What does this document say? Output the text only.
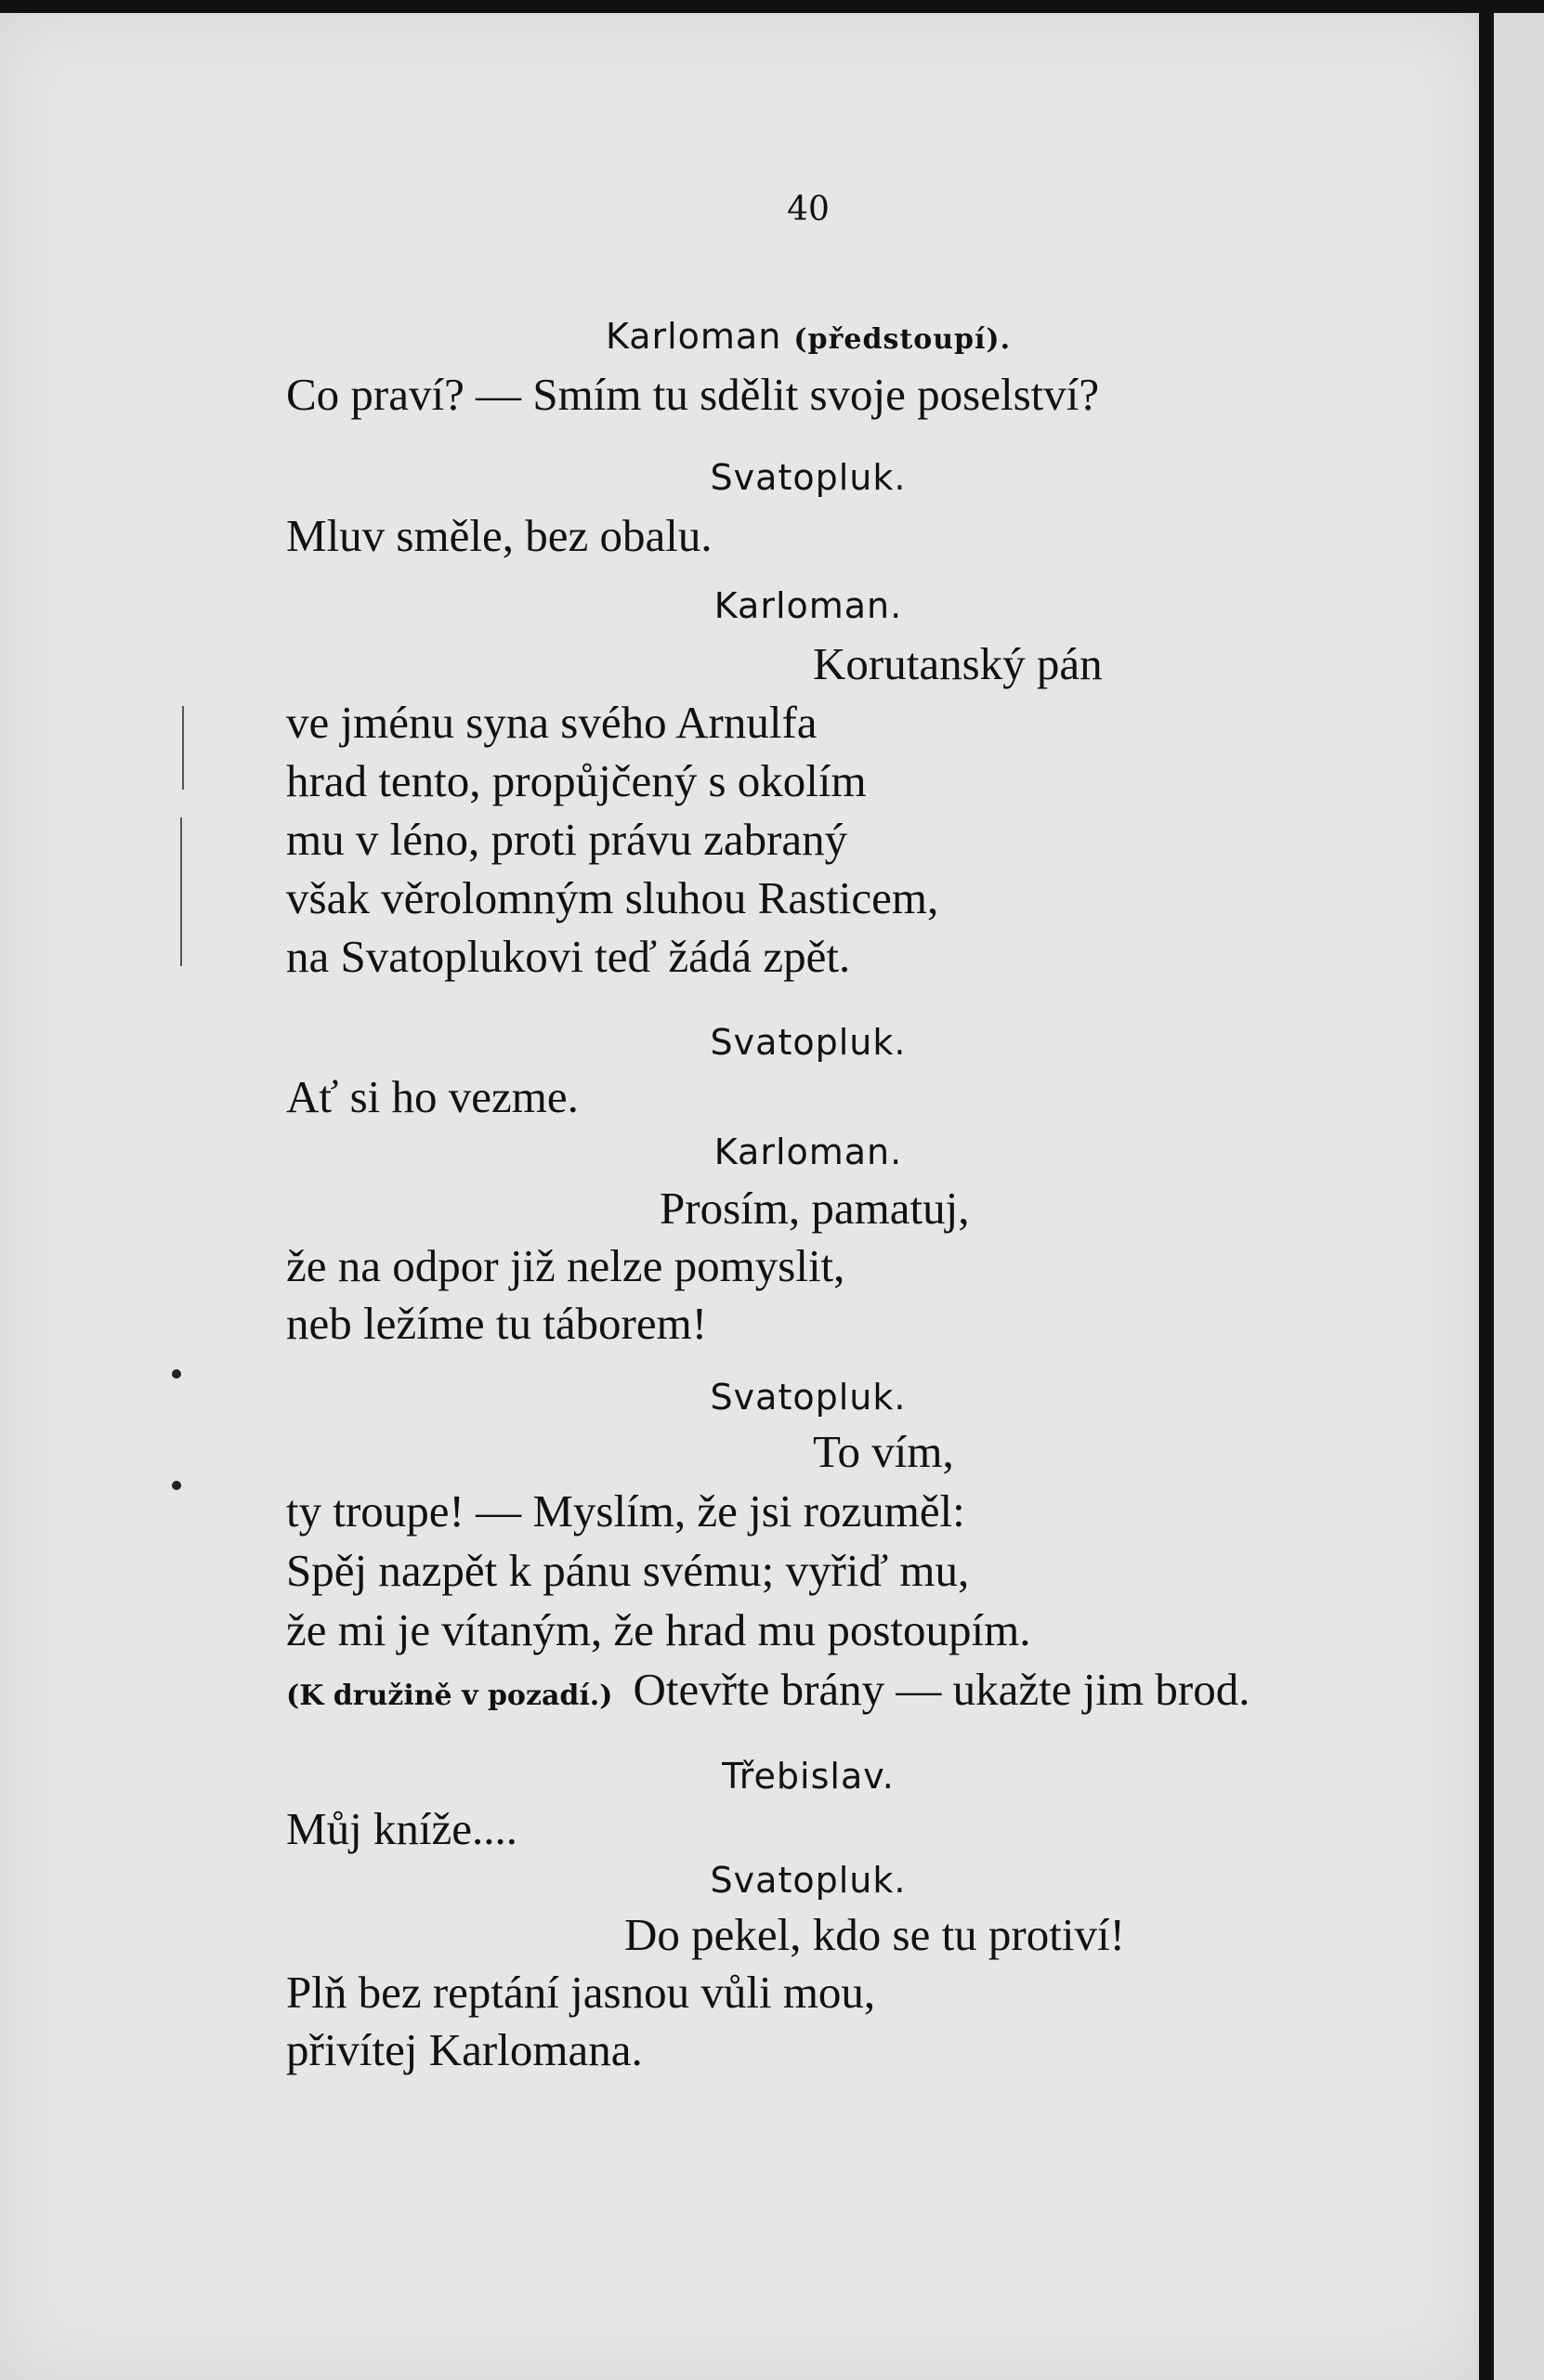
40
Karloman (předstoupí).
Co praví? — Smím tu sdělit svoje poselství?
Svatopluk.
Mluv směle, bez obalu.
Karloman.
Korutanský pán
ve jménu syna svého Arnulfa
hrad tento, propůjčený s okolím
mu v léno, proti právu zabraný
však věrolomným sluhou Rasticem,
na Svatoplukovi teď žádá zpět.
Svatopluk.
Ať si ho vezme.
Karloman.
Prosím, pamatuj,
že na odpor již nelze pomyslit,
neb ležíme tu táborem!
Svatopluk.
To vím,
ty troupe! — Myslím, že jsi rozuměl:
Spěj nazpět k pánu svému; vyřiď mu,
že mi je vítaným, že hrad mu postoupím.
(K družině v pozadí.) Otevřte brány — ukažte jim brod.
Třebislav.
Můj kníže....
Svatopluk.
Do pekel, kdo se tu protiví!
Plň bez reptání jasnou vůli mou,
přivítej Karlomana.
